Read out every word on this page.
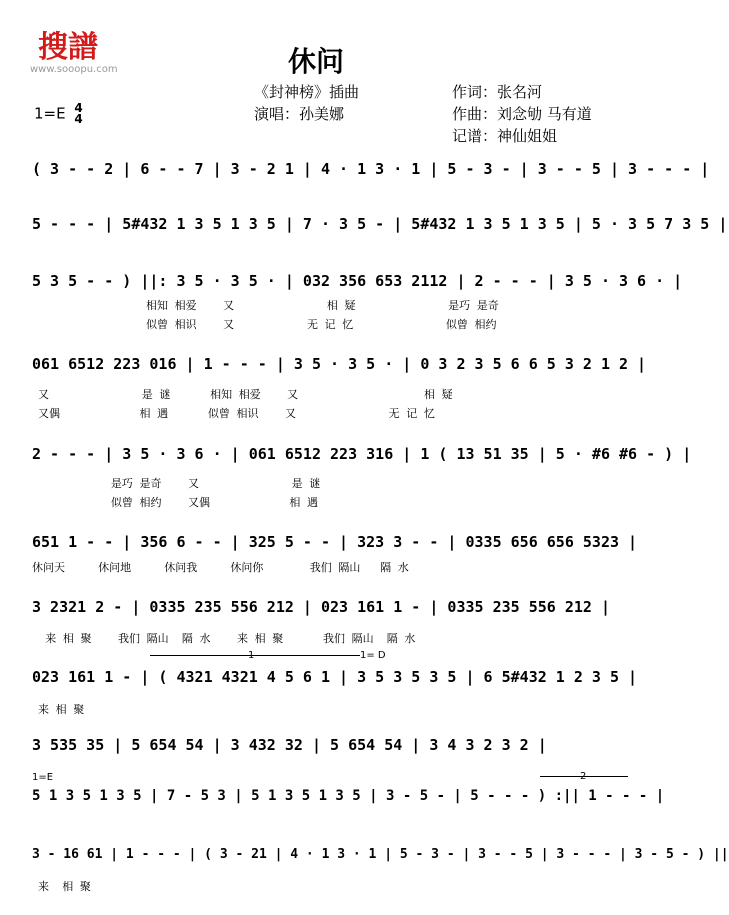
搜譜
www.sooopu.com	休问
《封神榜》插曲
演唱：孙美娜
作词：张名河
作曲：刘念劬 马有道
记谱：神仙姐姐
1=E 4
4
( 3 - - 2 | 6 - - 7 | 3 - 2 1 | 4 · 1 3 · 1 | 5 - 3 - | 3 - - 5 | 3 - - - |
5 - - - | 5#432 1 3 5 1 3 5 | 7 · 3 5 - | 5#432 1 3 5 1 3 5 | 5 · 3 5 7 3 5 |
5 3 5 - - ) ||: 3 5 · 3 5 · | 032 356 653 2112 | 2 - - - | 3 5 · 3 6 · |
相知 相爱    又              相 疑              是巧 是奇
似曾 相识    又           无 记 忆              似曾 相约
061 6512 223 016 | 1 - - - | 3 5 · 3 5 · | 0 3 2 3 5 6 6 5 3 2 1 2 |
又              是 谜      相知 相爱    又                   相 疑
又偶            相 遇      似曾 相识    又              无 记 忆
2 - - - | 3 5 · 3 6 · | 061 6512 223 316 | 1 ( 13 51 35 | 5 · #6 #6 - ) |
是巧 是奇    又              是 谜
似曾 相约    又偶            相 遇
651 1 - - | 356 6 - - | 325 5 - - | 323 3 - - | 0335 656 656 5323 |
休问天     休问地     休问我     休问你       我们 隔山   隔 水
3 2321 2 - | 0335 235 556 212 | 023 161 1 - | 0335 235 556 212 |
来 相 聚    我们 隔山  隔 水    来 相 聚      我们 隔山  隔 水
1	1= D
023 161 1 - | ( 4321 4321 4 5 6 1 | 3 5 3 5 3 5 | 6 5#432 1 2 3 5 |
来 相 聚
3 535 35 | 5 654 54 | 3 432 32 | 5 654 54 | 3 4 3 2 3 2 |
1=E	2
5 1 3 5 1 3 5 | 7 - 5 3 | 5 1 3 5 1 3 5 | 3 - 5 - | 5 - - - ) :|| 1 - - - |
3 - 16 61 | 1 - - - | ( 3 - 21 | 4 · 1 3 · 1 | 5 - 3 - | 3 - - 5 | 3 - - - | 3 - 5 - ) ||
来  相 聚
